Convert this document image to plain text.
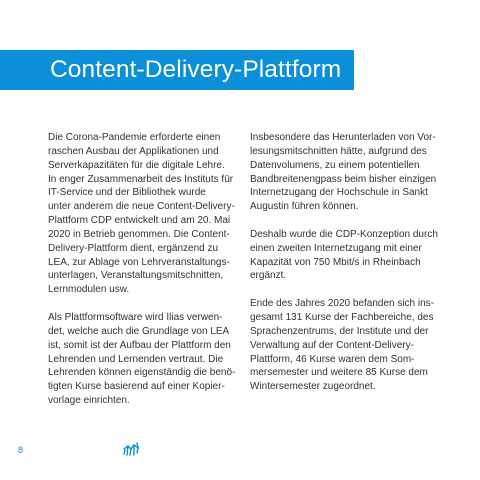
Content-Delivery-Plattform

Die Corona-Pandemie erforderte einen
raschen Ausbau der Applikationen und
Serverkapazitäten für die digitale Lehre.
In enger Zusammenarbeit des Instituts für
IT-Service und der Bibliothek wurde
unter anderem die neue Content-Delivery-
Plattform CDP entwickelt und am 20. Mai
2020 in Betrieb genommen. Die Content-
Delivery-Plattform dient, ergänzend zu
LEA, zur Ablage von Lehrveranstaltungs-
unterlagen, Veranstaltungsmitschnitten,
Lernmodulen usw.

Als Plattformsoftware wird Ilias verwen-
det, welche auch die Grundlage von LEA
ist, somit ist der Aufbau der Plattform den
Lehrenden und Lernenden vertraut. Die
Lehrenden können eigenständig die benö-
tigten Kurse basierend auf einer Kopier-
vorlage einrichten.

Insbesondere das Herunterladen von Vor-
lesungsmitschnitten hätte, aufgrund des
Datenvolumens, zu einem potentiellen
Bandbreitenengpass beim bisher einzigen
Internetzugang der Hochschule in Sankt
Augustin führen können.

Deshalb wurde die CDP-Konzeption durch
einen zweiten Internetzugang mit einer
Kapazität von 750 Mbit/s in Rheinbach
ergänzt.

Ende des Jahres 2020 befanden sich ins-
gesamt 131 Kurse der Fachbereiche, des
Sprachenzentrums, der Institute und der
Verwaltung auf der Content-Delivery-
Plattform, 46 Kurse waren dem Som-
mersemester und weitere 85 Kurse dem
Wintersemester zugeordnet.

8
